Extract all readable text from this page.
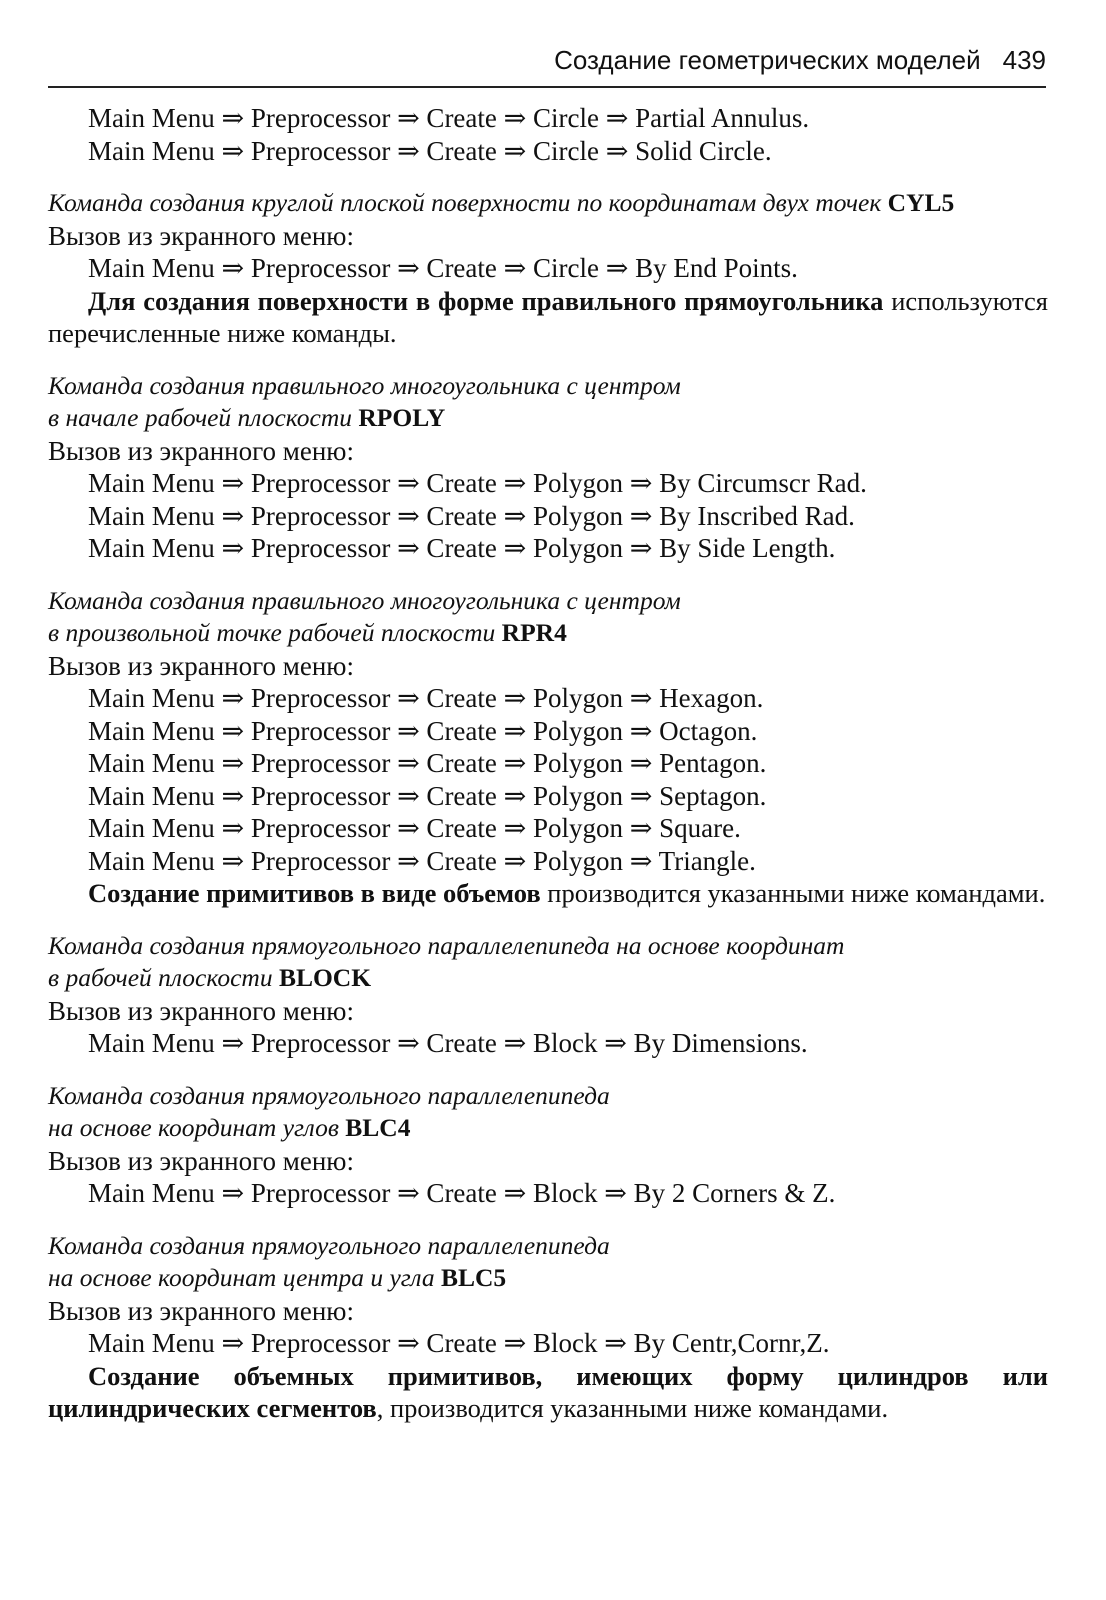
Создание геометрических моделей 439
Main Menu ⇒ Preprocessor ⇒ Create ⇒ Circle ⇒ Partial Annulus.
Main Menu ⇒ Preprocessor ⇒ Create ⇒ Circle ⇒ Solid Circle.
Команда создания круглой плоской поверхности по координатам двух точек CYL5
Вызов из экранного меню:
Main Menu ⇒ Preprocessor ⇒ Create ⇒ Circle ⇒ By End Points.
Для создания поверхности в форме правильного прямоугольника используются перечисленные ниже команды.
Команда создания правильного многоугольника с центром
в начале рабочей плоскости RPOLY
Вызов из экранного меню:
Main Menu ⇒ Preprocessor ⇒ Create ⇒ Polygon ⇒ By Circumscr Rad.
Main Menu ⇒ Preprocessor ⇒ Create ⇒ Polygon ⇒ By Inscribed Rad.
Main Menu ⇒ Preprocessor ⇒ Create ⇒ Polygon ⇒ By Side Length.
Команда создания правильного многоугольника с центром
в произвольной точке рабочей плоскости RPR4
Вызов из экранного меню:
Main Menu ⇒ Preprocessor ⇒ Create ⇒ Polygon ⇒ Hexagon.
Main Menu ⇒ Preprocessor ⇒ Create ⇒ Polygon ⇒ Octagon.
Main Menu ⇒ Preprocessor ⇒ Create ⇒ Polygon ⇒ Pentagon.
Main Menu ⇒ Preprocessor ⇒ Create ⇒ Polygon ⇒ Septagon.
Main Menu ⇒ Preprocessor ⇒ Create ⇒ Polygon ⇒ Square.
Main Menu ⇒ Preprocessor ⇒ Create ⇒ Polygon ⇒ Triangle.
Создание примитивов в виде объемов производится указанными ниже командами.
Команда создания прямоугольного параллелепипеда на основе координат
в рабочей плоскости BLOCK
Вызов из экранного меню:
Main Menu ⇒ Preprocessor ⇒ Create ⇒ Block ⇒ By Dimensions.
Команда создания прямоугольного параллелепипеда
на основе координат углов BLC4
Вызов из экранного меню:
Main Menu ⇒ Preprocessor ⇒ Create ⇒ Block ⇒ By 2 Corners & Z.
Команда создания прямоугольного параллелепипеда
на основе координат центра и угла BLC5
Вызов из экранного меню:
Main Menu ⇒ Preprocessor ⇒ Create ⇒ Block ⇒ By Centr,Cornr,Z.
Создание объемных примитивов, имеющих форму цилиндров или цилиндрических сегментов, производится указанными ниже командами.
